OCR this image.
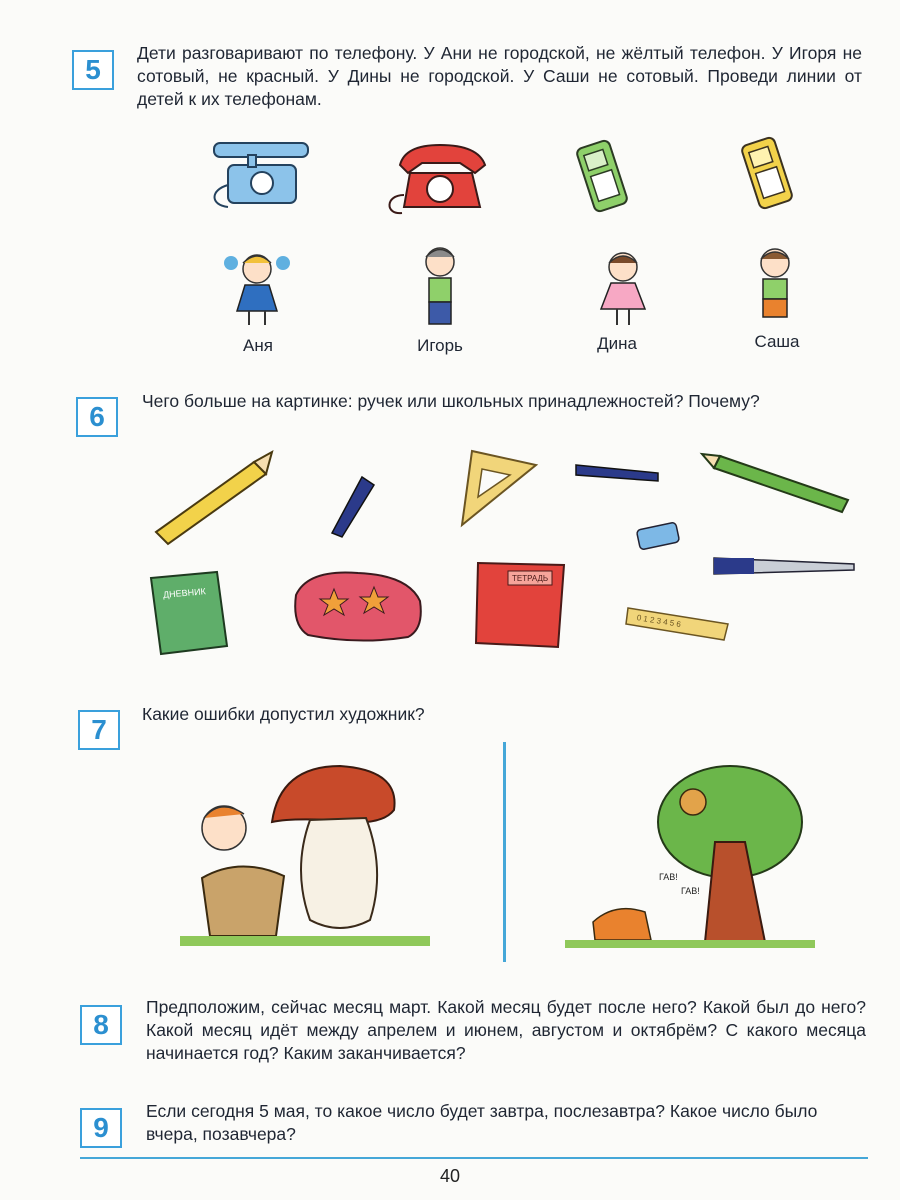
5
Дети разговаривают по телефону. У Ани не городской, не жёлтый телефон. У Игоря не сотовый, не красный. У Дины не городской. У Саши не сотовый. Проведи линии от детей к их телефонам.
Аня	Игорь	Дина	Саша
6	Чего больше на картинке: ручек или школьных принадлежностей? Почему?
ДНЕВНИК
ТЕТРАДЬ
0 1 2 3 4 5 6
7	Какие ошибки допустил художник?
ГАВ!
ГАВ!
8
Предположим, сейчас месяц март. Какой месяц будет после него? Какой был до него? Какой месяц идёт между апрелем и июнем, августом и октябрём? С какого месяца начинается год? Каким заканчивается?
9
Если сегодня 5 мая, то какое число будет завтра, послезавтра? Какое число было вчера, позавчера?
40
